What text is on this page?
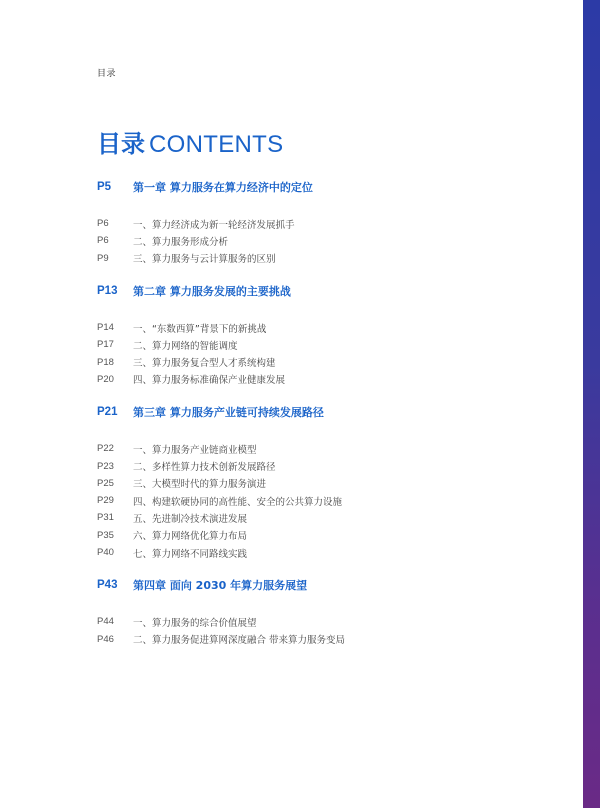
目录
目录 CONTENTS
P5	第一章 算力服务在算力经济中的定位
P6	一、算力经济成为新一轮经济发展抓手
P6	二、算力服务形成分析
P9	三、算力服务与云计算服务的区别
P13	第二章 算力服务发展的主要挑战
P14	一、“东数西算”背景下的新挑战
P17	二、算力网络的智能调度
P18	三、算力服务复合型人才系统构建
P20	四、算力服务标准确保产业健康发展
P21	第三章 算力服务产业链可持续发展路径
P22	一、算力服务产业链商业模型
P23	二、多样性算力技术创新发展路径
P25	三、大模型时代的算力服务演进
P29	四、构建软硬协同的高性能、安全的公共算力设施
P31	五、先进制冷技术演进发展
P35	六、算力网络优化算力布局
P40	七、算力网络不同路线实践
P43	第四章 面向 2030 年算力服务展望
P44	一、算力服务的综合价值展望
P46	二、算力服务促进算网深度融合 带来算力服务变局
